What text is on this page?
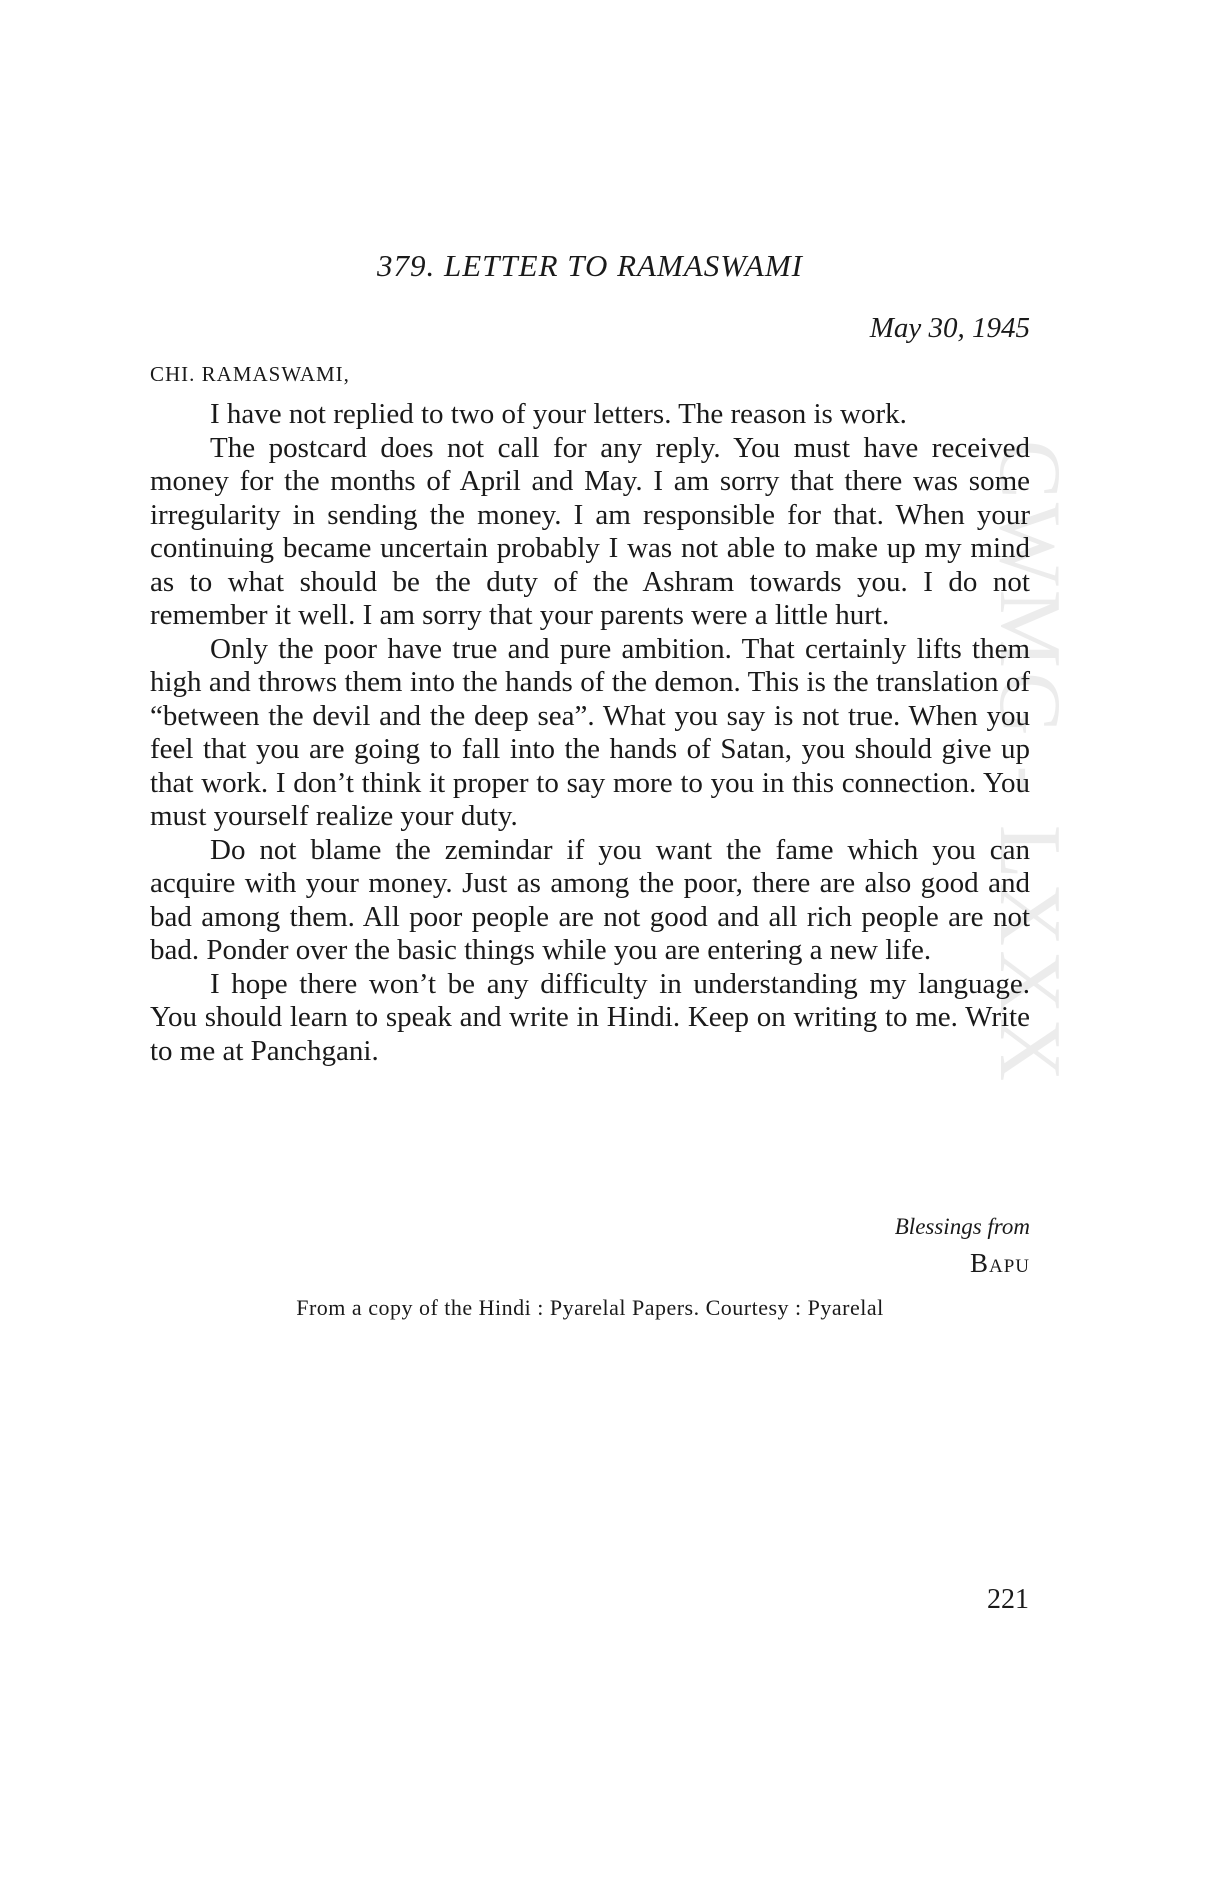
CWMG - LXXX
379. LETTER TO RAMASWAMI
May 30, 1945
CHI. RAMASWAMI,

I have not replied to two of your letters. The reason is work.

The postcard does not call for any reply. You must have received money for the months of April and May. I am sorry that there was some irregularity in sending the money. I am responsible for that. When your continuing became uncertain probably I was not able to make up my mind as to what should be the duty of the Ashram towards you. I do not remember it well. I am sorry that your parents were a little hurt.

Only the poor have true and pure ambition. That certainly lifts them high and throws them into the hands of the demon. This is the translation of “between the devil and the deep sea”. What you say is not true. When you feel that you are going to fall into the hands of Satan, you should give up that work. I don’t think it proper to say more to you in this connection. You must yourself realize your duty.

Do not blame the zemindar if you want the fame which you can acquire with your money. Just as among the poor, there are also good and bad among them. All poor people are not good and all rich people are not bad. Ponder over the basic things while you are entering a new life.

I hope there won’t be any difficulty in understanding my language. You should learn to speak and write in Hindi. Keep on writing to me. Write to me at Panchgani.

Blessings from
Bapu
From a copy of the Hindi : Pyarelal Papers. Courtesy : Pyarelal
221
